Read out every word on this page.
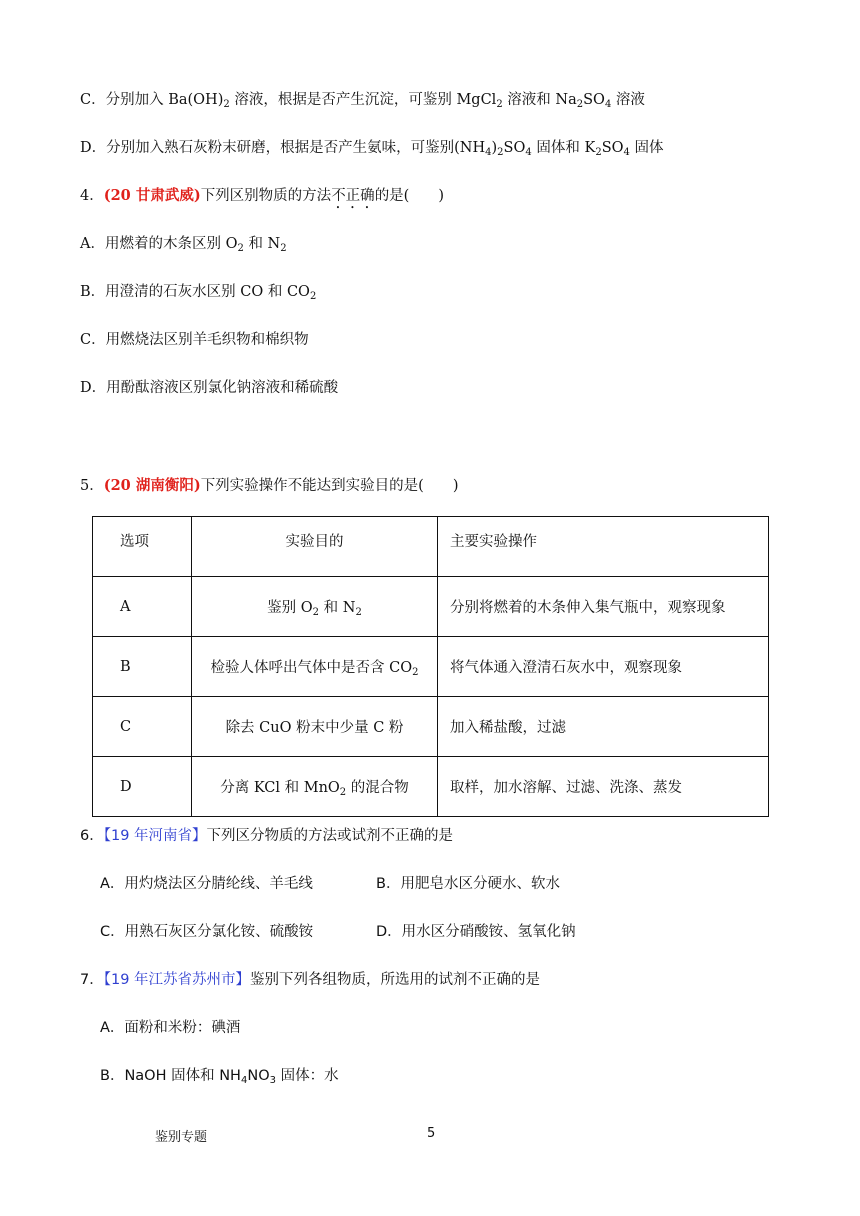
C．分别加入 $Ba(OH)_2$ 溶液，根据是否产生沉淀，可鉴别 MgCl$_2$ 溶液和 $Na_2SO_4$ 溶液
D．分别加入熟石灰粉末研磨，根据是否产生氨味，可鉴别$(NH_4)_2SO_4$ 固体和 $K_2SO_4$ 固体
4．(20 甘肃武威)下列区别物质的方法不正确的是(　　)
A．用燃着的木条区别 $O_2$ 和 $N_2$
B．用澄清的石灰水区别 CO 和 $CO_2$
C．用燃烧法区别羊毛织物和棉织物
D．用酚酞溶液区别氯化钠溶液和稀硫酸
5．(20 湖南衡阳)下列实验操作不能达到实验目的是(　　)
选项	实验目的	主要实验操作
A	鉴别 $O_2$ 和 $N_2$	分别将燃着的木条伸入集气瓶中，观察现象
B	检验人体呼出气体中是否含 $CO_2$	将气体通入澄清石灰水中，观察现象
C	除去 CuO 粉末中少量 C 粉	加入稀盐酸，过滤
D	分离 KCl 和 MnO$_2$ 的混合物	取样，加水溶解、过滤、洗涤、蒸发
6．【19 年河南省】下列区分物质的方法或试剂不正确的是
A．用灼烧法区分腈纶线、羊毛线	B．用肥皂水区分硬水、软水
C．用熟石灰区分氯化铵、硫酸铵	D．用水区分硝酸铵、氢氧化钠
7．【19 年江苏省苏州市】鉴别下列各组物质，所选用的试剂不正确的是
A．面粉和米粉：碘酒
B．NaOH 固体和 $NH_4NO_3$ 固体：水
鉴别专题	5
